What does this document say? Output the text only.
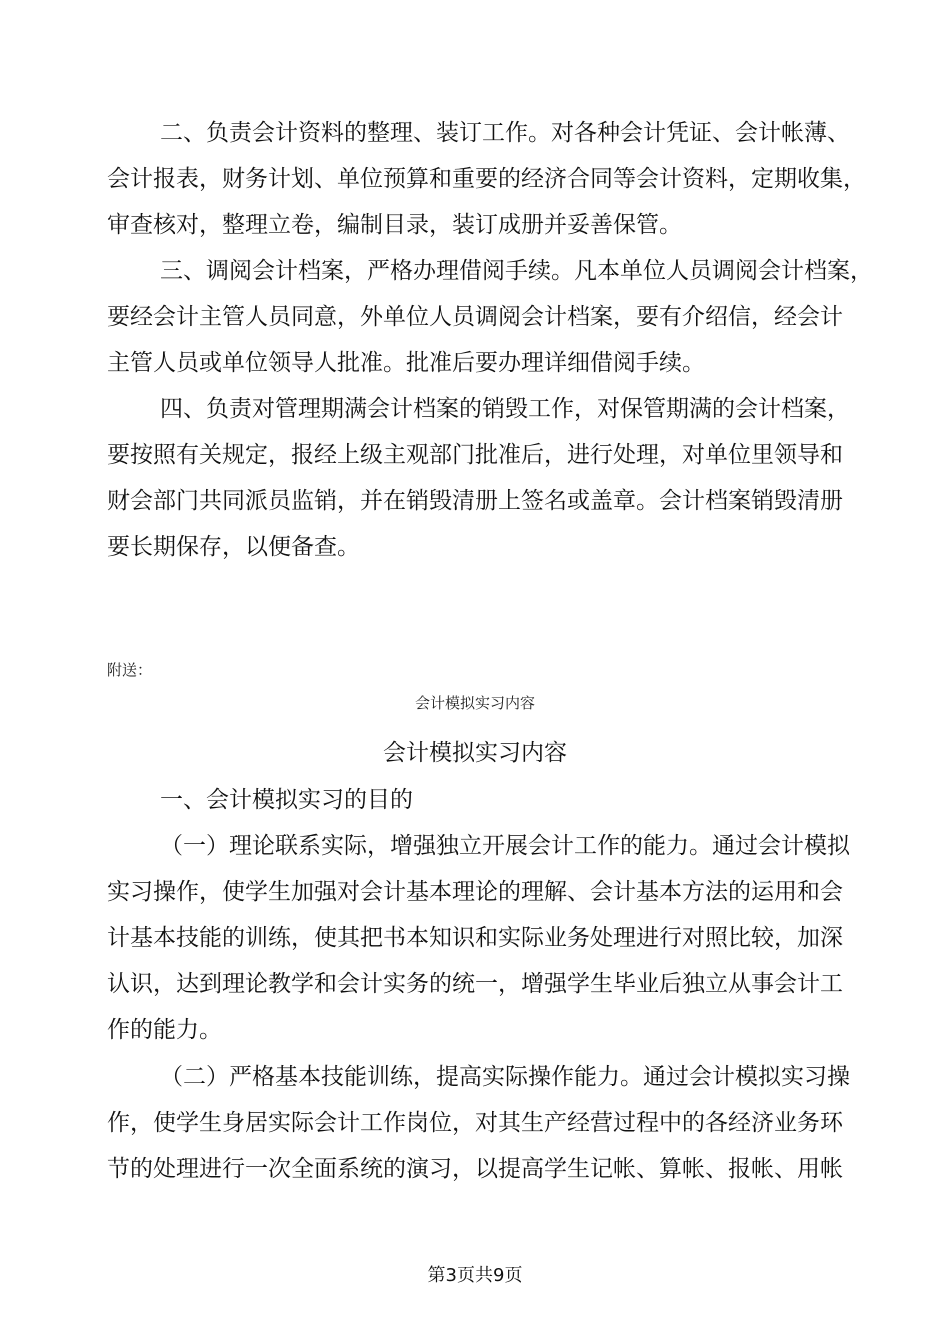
二、负责会计资料的整理、装订工作。对各种会计凭证、会计帐薄、
会计报表，财务计划、单位预算和重要的经济合同等会计资料，定期收集，
审查核对，整理立卷，编制目录，装订成册并妥善保管。
三、调阅会计档案，严格办理借阅手续。凡本单位人员调阅会计档案，
要经会计主管人员同意，外单位人员调阅会计档案，要有介绍信，经会计
主管人员或单位领导人批准。批准后要办理详细借阅手续。
四、负责对管理期满会计档案的销毁工作，对保管期满的会计档案，
要按照有关规定，报经上级主观部门批准后，进行处理，对单位里领导和
财会部门共同派员监销，并在销毁清册上签名或盖章。会计档案销毁清册
要长期保存，以便备查。
附送：
会计模拟实习内容
会计模拟实习内容
一、会计模拟实习的目的
（一）理论联系实际，增强独立开展会计工作的能力。通过会计模拟
实习操作，使学生加强对会计基本理论的理解、会计基本方法的运用和会
计基本技能的训练，使其把书本知识和实际业务处理进行对照比较，加深
认识，达到理论教学和会计实务的统一，增强学生毕业后独立从事会计工
作的能力。
（二）严格基本技能训练，提高实际操作能力。通过会计模拟实习操
作，使学生身居实际会计工作岗位，对其生产经营过程中的各经济业务环
节的处理进行一次全面系统的演习，以提高学生记帐、算帐、报帐、用帐
第3页共9页
